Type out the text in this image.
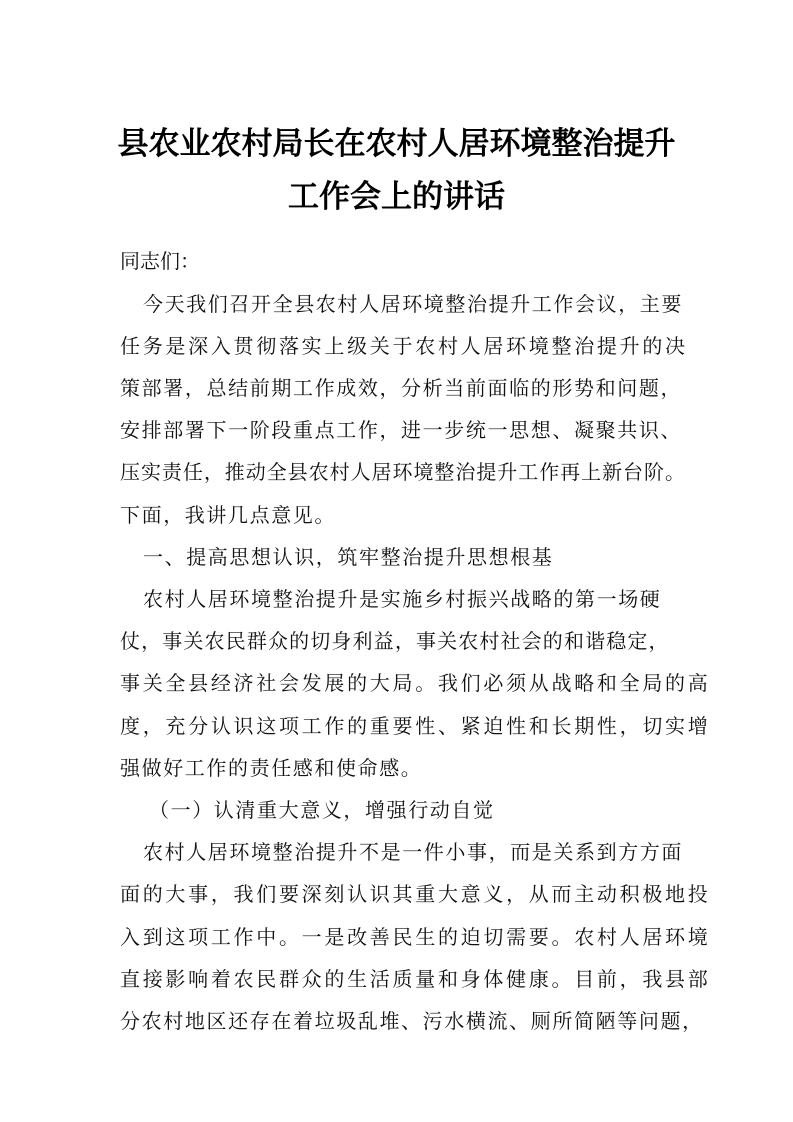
县农业农村局长在农村人居环境整治提升
工作会上的讲话
同志们：
今天我们召开全县农村人居环境整治提升工作会议，主要
任务是深入贯彻落实上级关于农村人居环境整治提升的决
策部署，总结前期工作成效，分析当前面临的形势和问题，
安排部署下一阶段重点工作，进一步统一思想、凝聚共识、
压实责任，推动全县农村人居环境整治提升工作再上新台阶。
下面，我讲几点意见。
一、提高思想认识，筑牢整治提升思想根基
农村人居环境整治提升是实施乡村振兴战略的第一场硬
仗，事关农民群众的切身利益，事关农村社会的和谐稳定，
事关全县经济社会发展的大局。我们必须从战略和全局的高
度，充分认识这项工作的重要性、紧迫性和长期性，切实增
强做好工作的责任感和使命感。
（一）认清重大意义，增强行动自觉
农村人居环境整治提升不是一件小事，而是关系到方方面
面的大事，我们要深刻认识其重大意义，从而主动积极地投
入到这项工作中。一是改善民生的迫切需要。农村人居环境
直接影响着农民群众的生活质量和身体健康。目前，我县部
分农村地区还存在着垃圾乱堆、污水横流、厕所简陋等问题，
